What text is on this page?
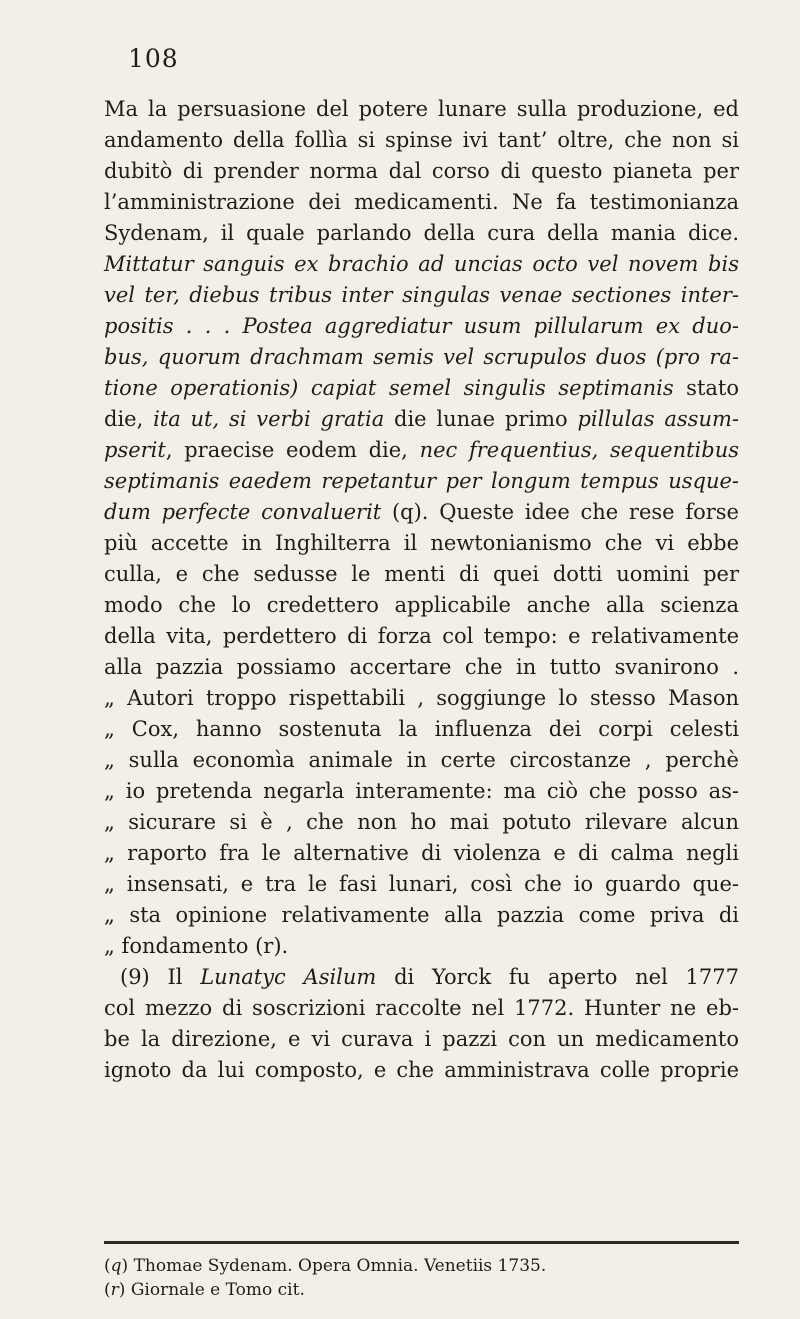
108
Ma la persuasione del potere lunare sulla produzione, ed
andamento della follìa si spinse ivi tant’ oltre, che non si
dubitò di prender norma dal corso di questo pianeta per
l’amministrazione dei medicamenti. Ne fa testimonianza
Sydenam, il quale parlando della cura della mania dice.
Mittatur sanguis ex brachio ad uncias octo vel novem bis
vel ter, diebus tribus inter singulas venae sectiones inter-
positis . . . Postea aggrediatur usum pillularum ex duo-
bus, quorum drachmam semis vel scrupulos duos (pro ra-
tione operationis) capiat semel singulis septimanis stato
die, ita ut, si verbi gratia die lunae primo pillulas assum-
pserit, praecise eodem die, nec frequentius, sequentibus
septimanis eaedem repetantur per longum tempus usque-
dum perfecte convaluerit (q). Queste idee che rese forse
più accette in Inghilterra il newtonianismo che vi ebbe
culla, e che sedusse le menti di quei dotti uomini per
modo che lo credettero applicabile anche alla scienza
della vita, perdettero di forza col tempo: e relativamente
alla pazzia possiamo accertare che in tutto svanirono .
„ Autori troppo rispettabili , soggiunge lo stesso Mason
„ Cox, hanno sostenuta la influenza dei corpi celesti
„ sulla economìa animale in certe circostanze , perchè
„ io pretenda negarla interamente: ma ciò che posso as-
„ sicurare si è , che non ho mai potuto rilevare alcun
„ raporto fra le alternative di violenza e di calma negli
„ insensati, e tra le fasi lunari, così che io guardo que-
„ sta opinione relativamente alla pazzia come priva di
„ fondamento (r).
(9) Il Lunatyc Asilum di Yorck fu aperto nel 1777
col mezzo di soscrizioni raccolte nel 1772. Hunter ne eb-
be la direzione, e vi curava i pazzi con un medicamento
ignoto da lui composto, e che amministrava colle proprie
(q) Thomae Sydenam. Opera Omnia. Venetiis 1735.
(r) Giornale e Tomo cit.
